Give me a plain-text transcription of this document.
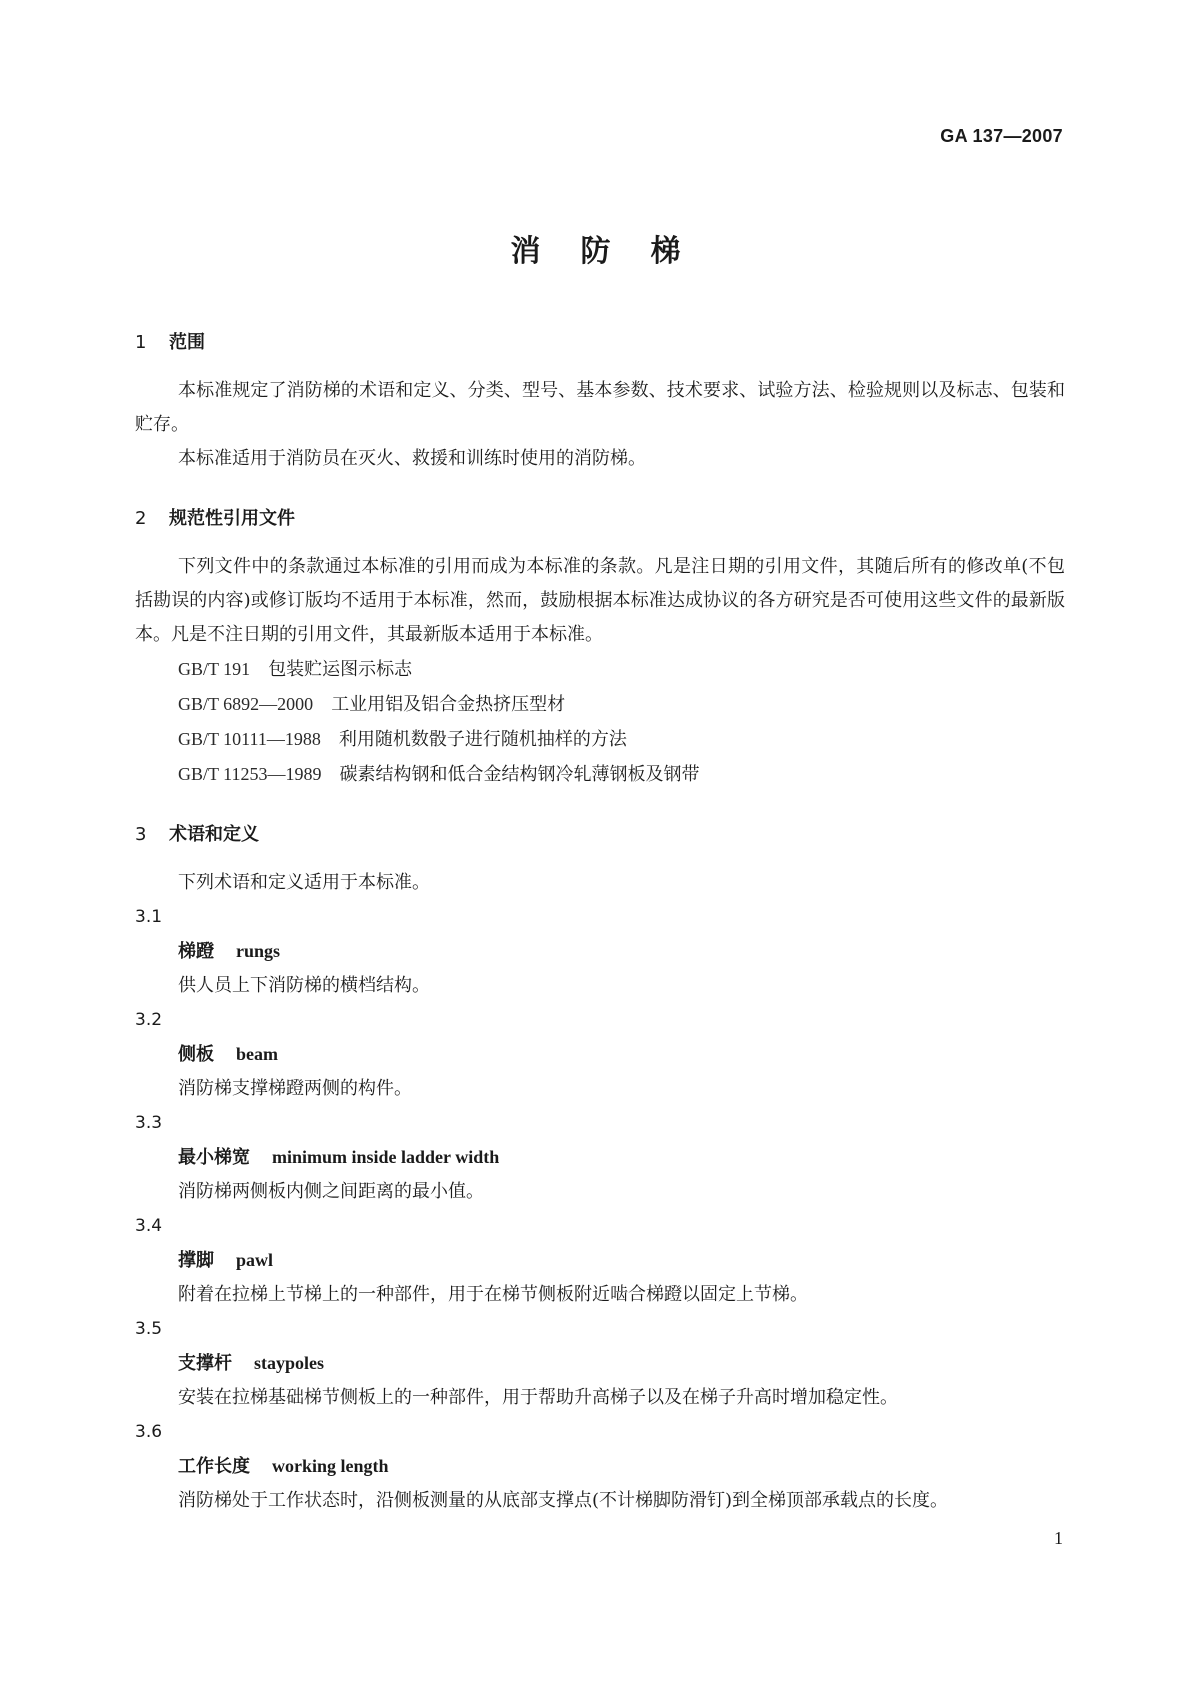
GA 137—2007
消防梯
1 范围

本标准规定了消防梯的术语和定义、分类、型号、基本参数、技术要求、试验方法、检验规则以及标志、包装和贮存。

本标准适用于消防员在灭火、救援和训练时使用的消防梯。

2 规范性引用文件

下列文件中的条款通过本标准的引用而成为本标准的条款。凡是注日期的引用文件，其随后所有的修改单(不包括勘误的内容)或修订版均不适用于本标准，然而，鼓励根据本标准达成协议的各方研究是否可使用这些文件的最新版本。凡是不注日期的引用文件，其最新版本适用于本标准。

GB/T 191 包装贮运图示标志
GB/T 6892—2000 工业用铝及铝合金热挤压型材
GB/T 10111—1988 利用随机数骰子进行随机抽样的方法
GB/T 11253—1989 碳素结构钢和低合金结构钢冷轧薄钢板及钢带
3 术语和定义

下列术语和定义适用于本标准。

3.1
梯蹬 rungs
供人员上下消防梯的横档结构。
3.2
侧板 beam
消防梯支撑梯蹬两侧的构件。
3.3
最小梯宽 minimum inside ladder width
消防梯两侧板内侧之间距离的最小值。
3.4
撑脚 pawl
附着在拉梯上节梯上的一种部件，用于在梯节侧板附近啮合梯蹬以固定上节梯。
3.5
支撑杆 staypoles
安装在拉梯基础梯节侧板上的一种部件，用于帮助升高梯子以及在梯子升高时增加稳定性。
3.6
工作长度 working length
消防梯处于工作状态时，沿侧板测量的从底部支撑点(不计梯脚防滑钉)到全梯顶部承载点的长度。
1
